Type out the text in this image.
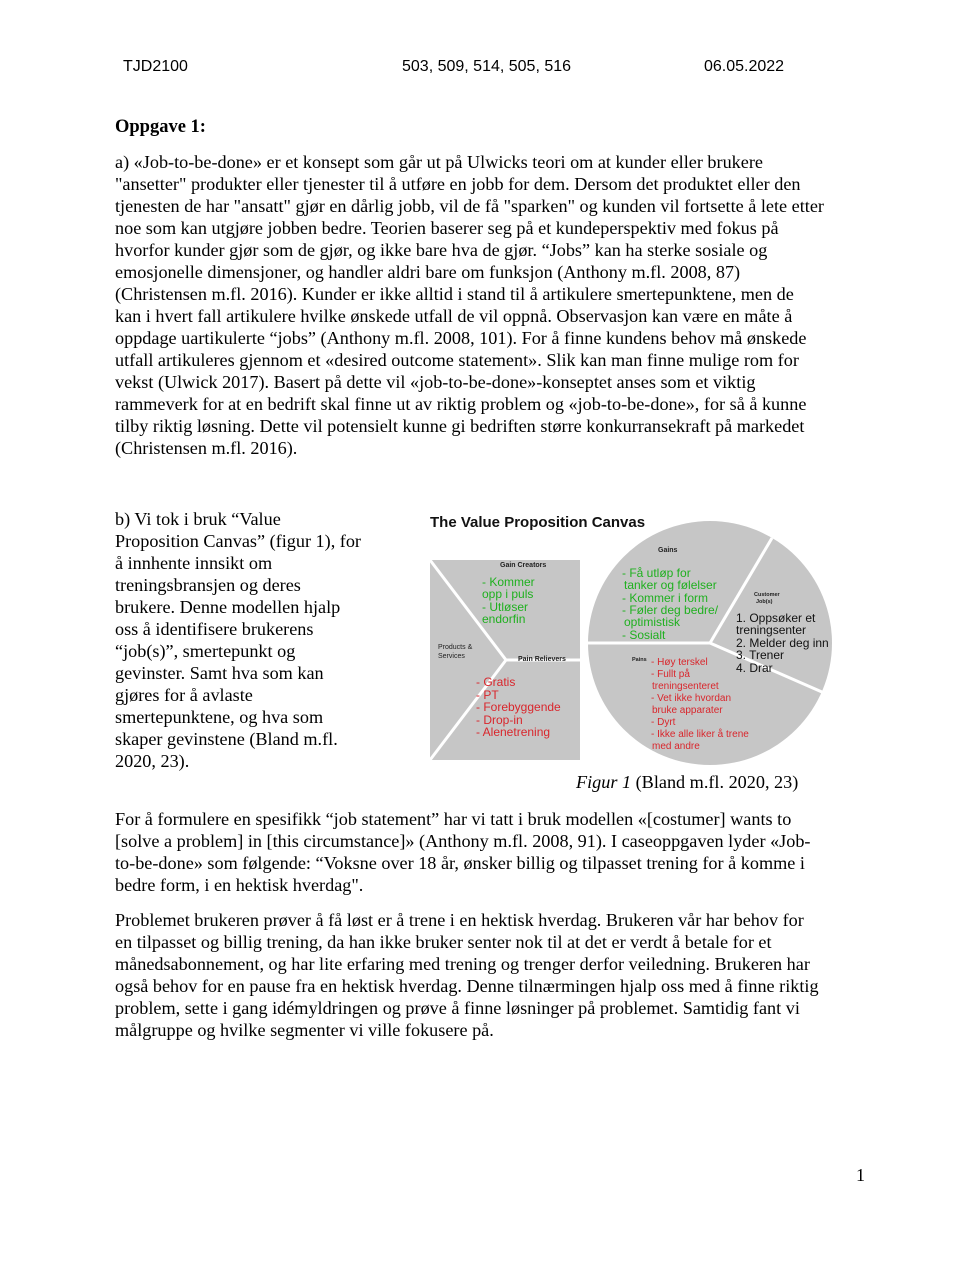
TJD2100	503, 509, 514, 505, 516	06.05.2022
Oppgave 1:
a) «Job-to-be-done» er et konsept som går ut på Ulwicks teori om at kunder eller brukere
"ansetter" produkter eller tjenester til å utføre en jobb for dem. Dersom det produktet eller den
tjenesten de har "ansatt" gjør en dårlig jobb, vil de få "sparken" og kunden vil fortsette å lete etter
noe som kan utgjøre jobben bedre. Teorien baserer seg på et kundeperspektiv med fokus på
hvorfor kunder gjør som de gjør, og ikke bare hva de gjør. “Jobs” kan ha sterke sosiale og
emosjonelle dimensjoner, og handler aldri bare om funksjon (Anthony m.fl. 2008, 87)
(Christensen m.fl. 2016). Kunder er ikke alltid i stand til å artikulere smertepunktene, men de
kan i hvert fall artikulere hvilke ønskede utfall de vil oppnå. Observasjon kan være en måte å
oppdage uartikulerte “jobs” (Anthony m.fl. 2008, 101). For å finne kundens behov må ønskede
utfall artikuleres gjennom et «desired outcome statement». Slik kan man finne mulige rom for
vekst (Ulwick 2017). Basert på dette vil «job-to-be-done»-konseptet anses som et viktig
rammeverk for at en bedrift skal finne ut av riktig problem og «job-to-be-done», for så å kunne
tilby riktig løsning. Dette vil potensielt kunne gi bedriften større konkurransekraft på markedet
(Christensen m.fl. 2016).
b) Vi tok i bruk “Value
Proposition Canvas” (figur 1), for
å innhente innsikt om
treningsbransjen og deres
brukere. Denne modellen hjalp
oss å identifisere brukerens
“job(s)”, smertepunkt og
gevinster. Samt hva som kan
gjøres for å avlaste
smertepunktene, og hva som
skaper gevinstene (Bland m.fl.
2020, 23).
The Value Proposition Canvas
Gain Creators
- Kommer
opp i puls
- Utløser
endorfin
Products &
Services	Pain Relievers
- Gratis
- PT
- Forebyggende
- Drop-in
- Alenetrening
Gains
- Få utløp for
tanker og følelser
- Kommer i form
- Føler deg bedre/
optimistisk
- Sosialt
Customer
Job(s)
1. Oppsøker et
treningsenter
2. Melder deg inn
3. Trener
4. Drar
Pains - Høy terskel
- Fullt på
treningsenteret
- Vet ikke hvordan
bruke apparater
- Dyrt
- Ikke alle liker å trene
med andre
Figur 1 (Bland m.fl. 2020, 23)
For å formulere en spesifikk “job statement” har vi tatt i bruk modellen «[costumer] wants to
[solve a problem] in [this circumstance]» (Anthony m.fl. 2008, 91). I caseoppgaven lyder «Job-
to-be-done» som følgende: “Voksne over 18 år, ønsker billig og tilpasset trening for å komme i
bedre form, i en hektisk hverdag".
Problemet brukeren prøver å få løst er å trene i en hektisk hverdag. Brukeren vår har behov for
en tilpasset og billig trening, da han ikke bruker senter nok til at det er verdt å betale for et
månedsabonnement, og har lite erfaring med trening og trenger derfor veiledning. Brukeren har
også behov for en pause fra en hektisk hverdag. Denne tilnærmingen hjalp oss med å finne riktig
problem, sette i gang idémyldringen og prøve å finne løsninger på problemet. Samtidig fant vi
målgruppe og hvilke segmenter vi ville fokusere på.
1
